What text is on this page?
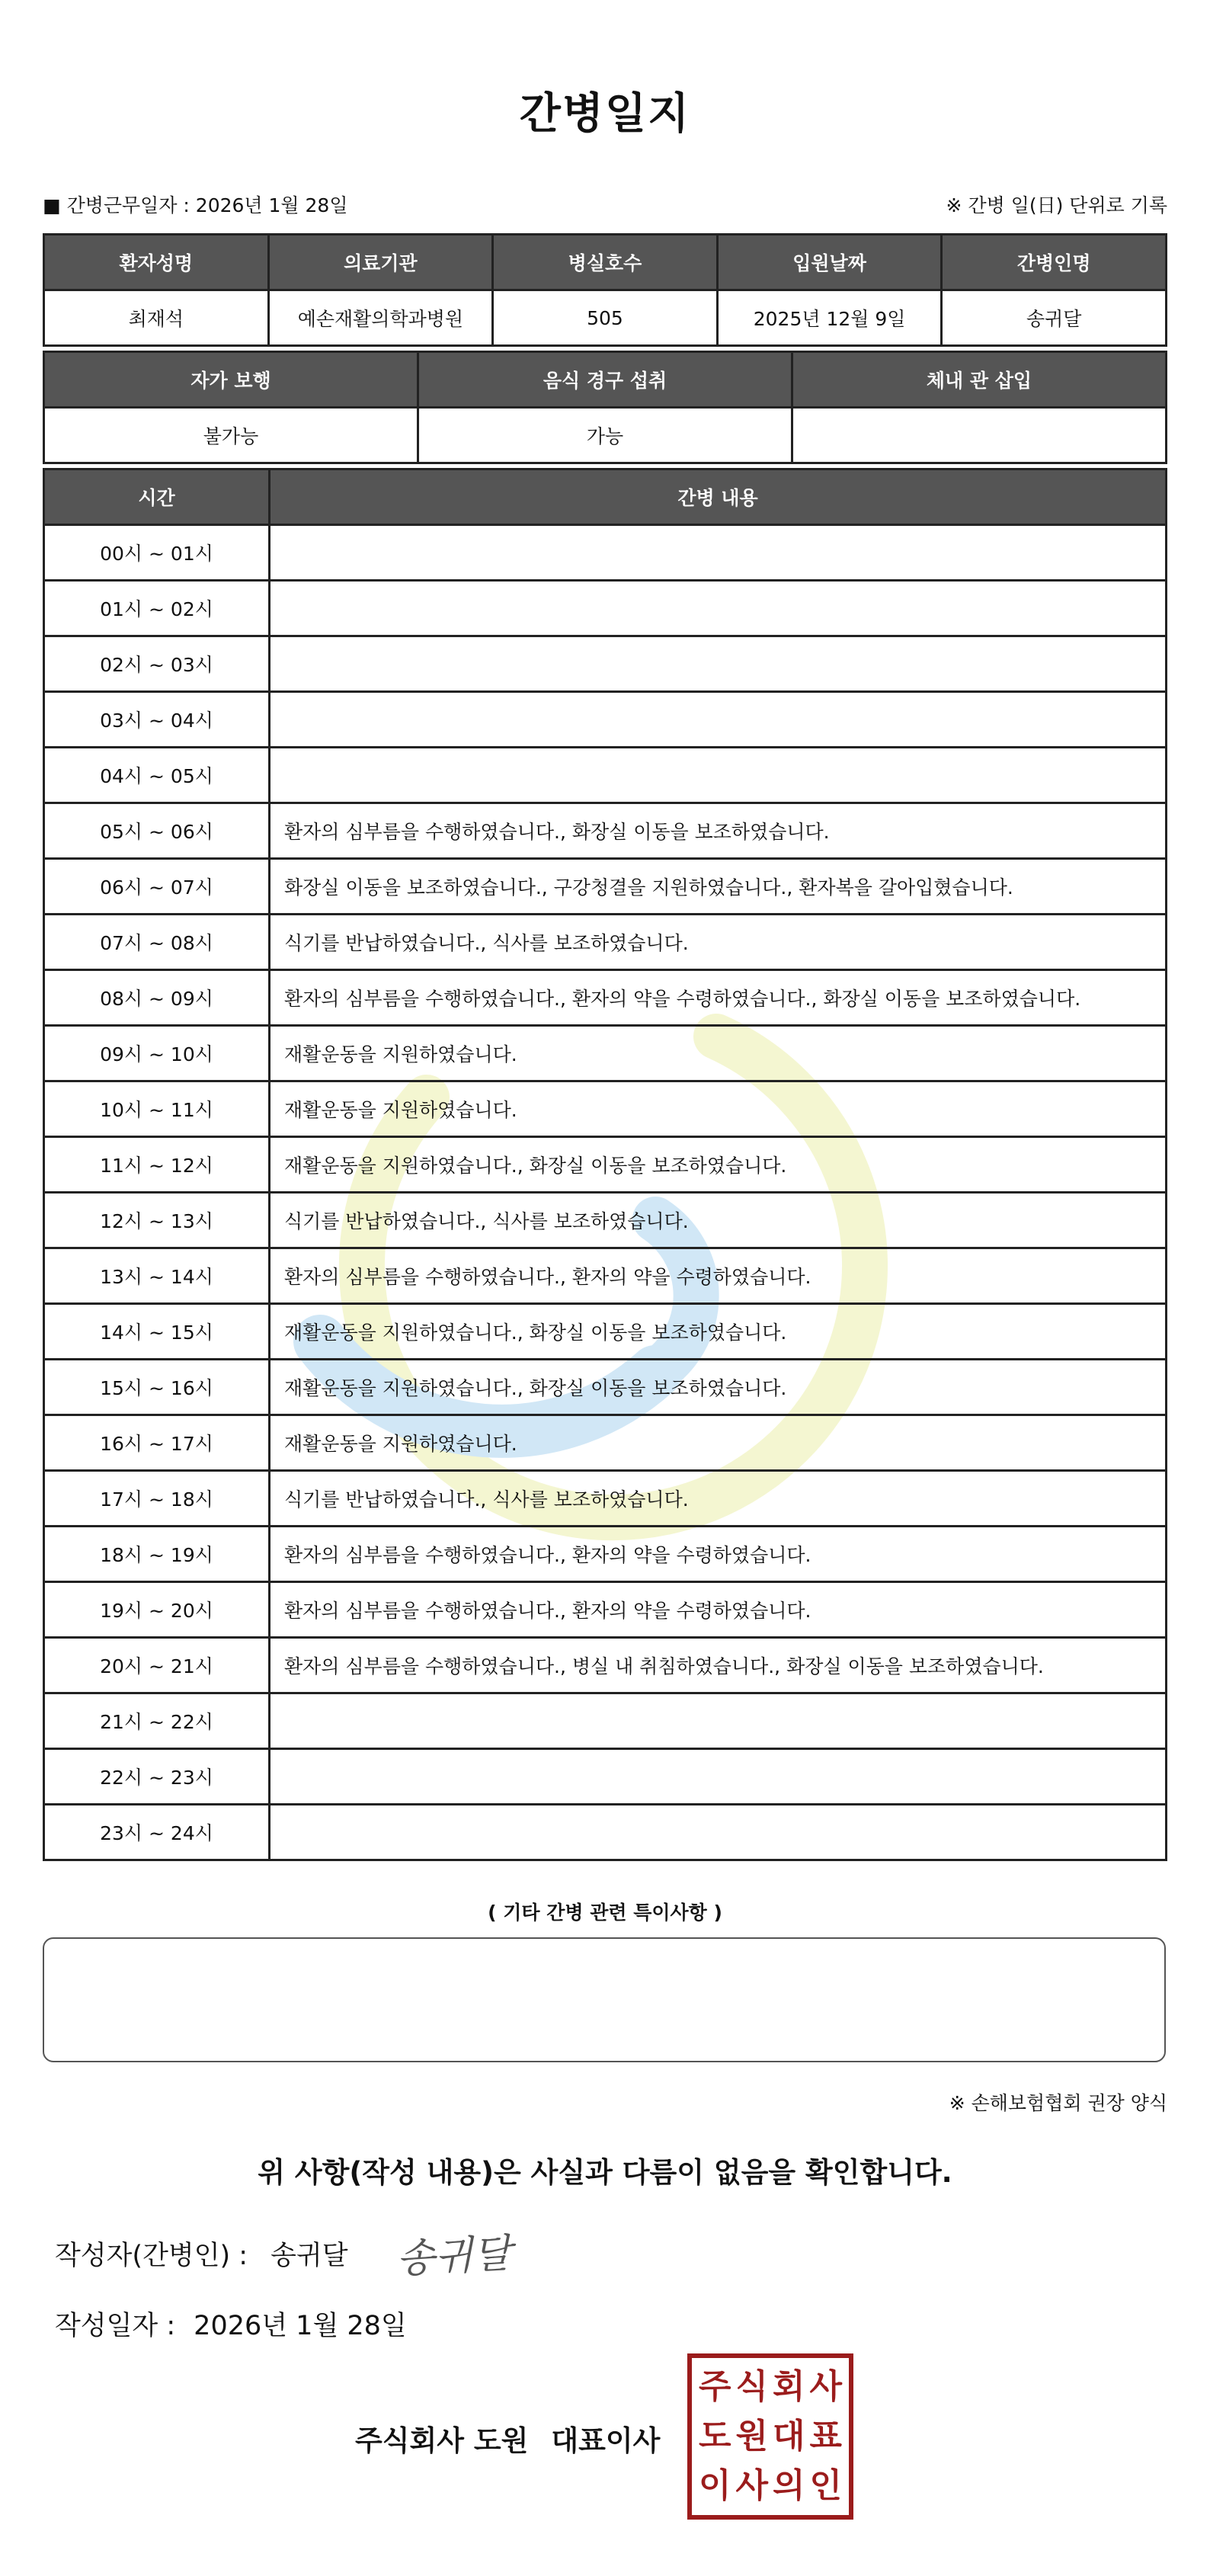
간병일지
■ 간병근무일자 : 2026년 1월 28일	※ 간병 일(日) 단위로 기록
환자성명	의료기관	병실호수	입원날짜	간병인명
최재석	예손재활의학과병원	505	2025년 12월 9일	송귀달
자가 보행	음식 경구 섭취	체내 관 삽입
불가능	가능	
시간	간병 내용
00시 ~ 01시	
01시 ~ 02시	
02시 ~ 03시	
03시 ~ 04시	
04시 ~ 05시	
05시 ~ 06시	환자의 심부름을 수행하였습니다., 화장실 이동을 보조하였습니다.
06시 ~ 07시	화장실 이동을 보조하였습니다., 구강청결을 지원하였습니다., 환자복을 갈아입혔습니다.
07시 ~ 08시	식기를 반납하였습니다., 식사를 보조하였습니다.
08시 ~ 09시	환자의 심부름을 수행하였습니다., 환자의 약을 수령하였습니다., 화장실 이동을 보조하였습니다.
09시 ~ 10시	재활운동을 지원하였습니다.
10시 ~ 11시	재활운동을 지원하였습니다.
11시 ~ 12시	재활운동을 지원하였습니다., 화장실 이동을 보조하였습니다.
12시 ~ 13시	식기를 반납하였습니다., 식사를 보조하였습니다.
13시 ~ 14시	환자의 심부름을 수행하였습니다., 환자의 약을 수령하였습니다.
14시 ~ 15시	재활운동을 지원하였습니다., 화장실 이동을 보조하였습니다.
15시 ~ 16시	재활운동을 지원하였습니다., 화장실 이동을 보조하였습니다.
16시 ~ 17시	재활운동을 지원하였습니다.
17시 ~ 18시	식기를 반납하였습니다., 식사를 보조하였습니다.
18시 ~ 19시	환자의 심부름을 수행하였습니다., 환자의 약을 수령하였습니다.
19시 ~ 20시	환자의 심부름을 수행하였습니다., 환자의 약을 수령하였습니다.
20시 ~ 21시	환자의 심부름을 수행하였습니다., 병실 내 취침하였습니다., 화장실 이동을 보조하였습니다.
21시 ~ 22시	
22시 ~ 23시	
23시 ~ 24시	
( 기타 간병 관련 특이사항 )
※ 손해보험협회 권장 양식
위 사항(작성 내용)은 사실과 다름이 없음을 확인합니다.
작성자(간병인) : 송귀달 송귀달
작성일자 : 2026년 1월 28일
주식회사 도원 대표이사
주 식 회 사
도 원 대 표
이 사 의 인
